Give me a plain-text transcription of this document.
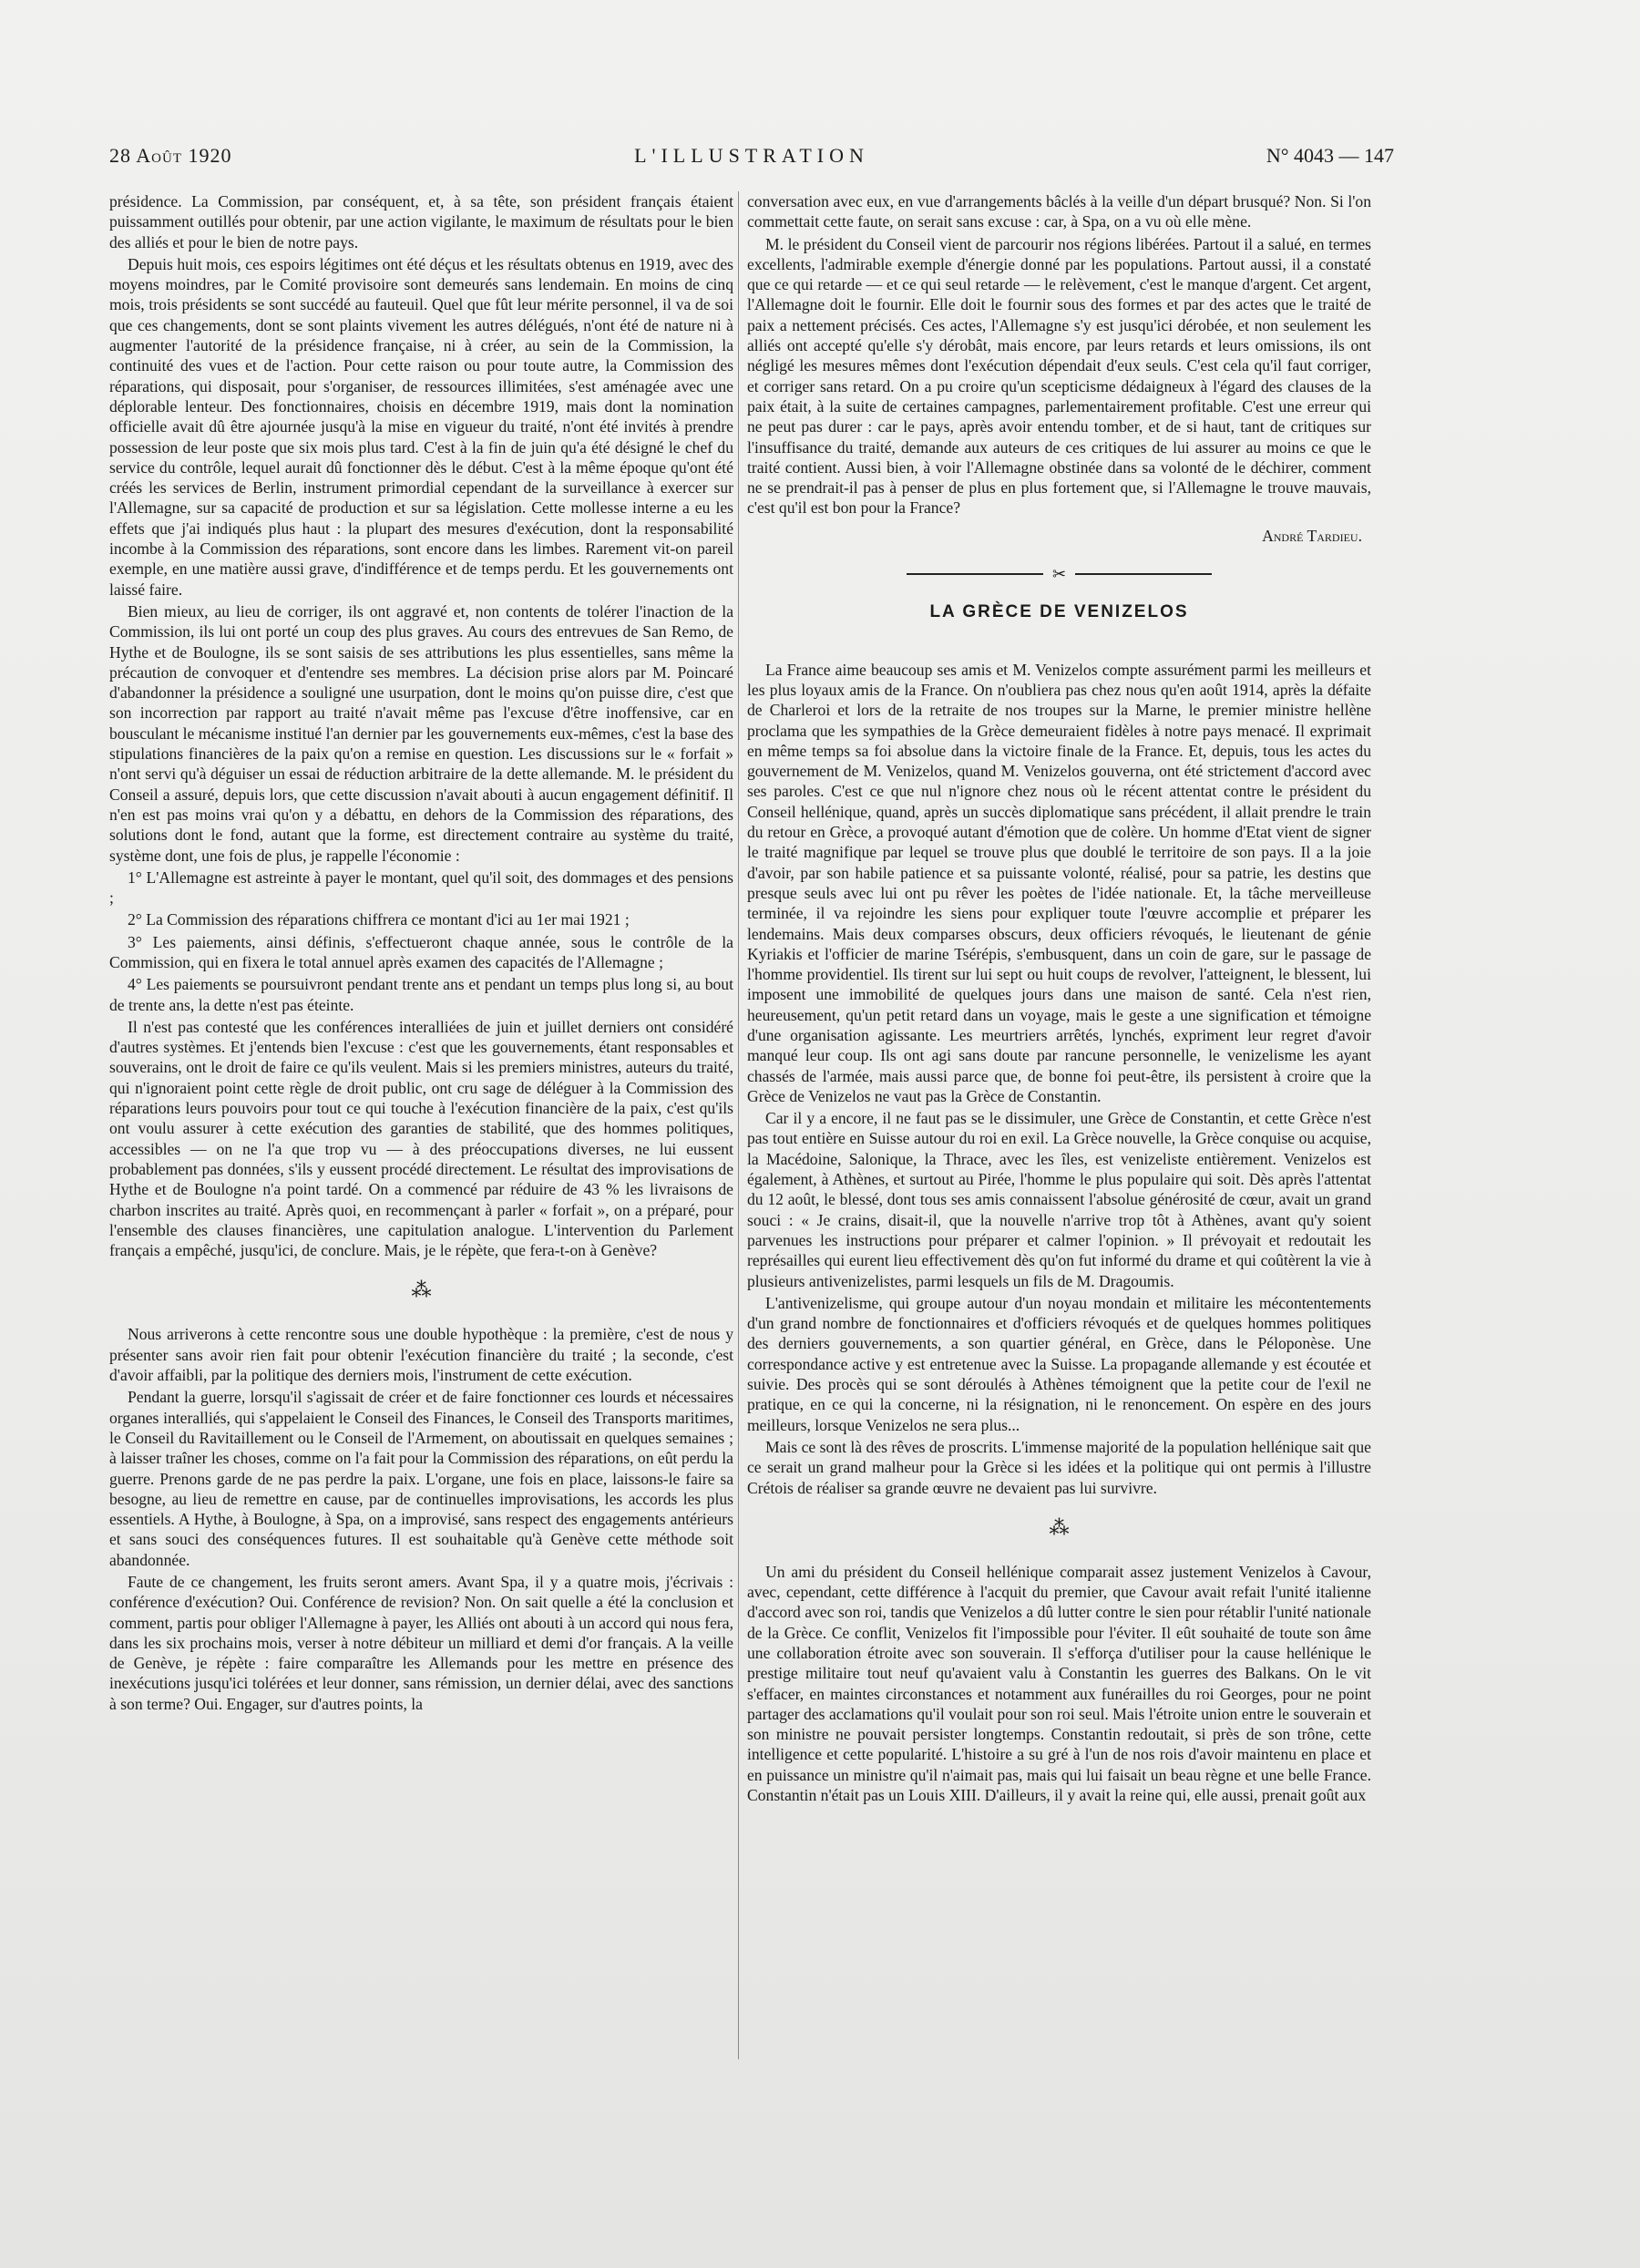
28 Août 1920	L'ILLUSTRATION	N° 4043 — 147

présidence. La Commission, par conséquent, et, à sa tête, son président français étaient puissamment outillés pour obtenir, par une action vigilante, le maximum de résultats pour le bien des alliés et pour le bien de notre pays.

Depuis huit mois, ces espoirs légitimes ont été déçus et les résultats obtenus en 1919, avec des moyens moindres, par le Comité provisoire sont demeurés sans lendemain. En moins de cinq mois, trois présidents se sont succédé au fauteuil. Quel que fût leur mérite personnel, il va de soi que ces changements, dont se sont plaints vivement les autres délégués, n'ont été de nature ni à augmenter l'autorité de la présidence française, ni à créer, au sein de la Commission, la continuité des vues et de l'action. Pour cette raison ou pour toute autre, la Commission des réparations, qui disposait, pour s'organiser, de ressources illimitées, s'est aménagée avec une déplorable lenteur. Des fonctionnaires, choisis en décembre 1919, mais dont la nomination officielle avait dû être ajournée jusqu'à la mise en vigueur du traité, n'ont été invités à prendre possession de leur poste que six mois plus tard. C'est à la fin de juin qu'a été désigné le chef du service du contrôle, lequel aurait dû fonctionner dès le début. C'est à la même époque qu'ont été créés les services de Berlin, instrument primordial cependant de la surveillance à exercer sur l'Allemagne, sur sa capacité de production et sur sa législation. Cette mollesse interne a eu les effets que j'ai indiqués plus haut : la plupart des mesures d'exécution, dont la responsabilité incombe à la Commission des réparations, sont encore dans les limbes. Rarement vit-on pareil exemple, en une matière aussi grave, d'indifférence et de temps perdu. Et les gouvernements ont laissé faire.

Bien mieux, au lieu de corriger, ils ont aggravé et, non contents de tolérer l'inaction de la Commission, ils lui ont porté un coup des plus graves. Au cours des entrevues de San Remo, de Hythe et de Boulogne, ils se sont saisis de ses attributions les plus essentielles, sans même la précaution de convoquer et d'entendre ses membres. La décision prise alors par M. Poincaré d'abandonner la présidence a souligné une usurpation, dont le moins qu'on puisse dire, c'est que son incorrection par rapport au traité n'avait même pas l'excuse d'être inoffensive, car en bousculant le mécanisme institué l'an dernier par les gouvernements eux-mêmes, c'est la base des stipulations financières de la paix qu'on a remise en question. Les discussions sur le « forfait » n'ont servi qu'à déguiser un essai de réduction arbitraire de la dette allemande. M. le président du Conseil a assuré, depuis lors, que cette discussion n'avait abouti à aucun engagement définitif. Il n'en est pas moins vrai qu'on y a débattu, en dehors de la Commission des réparations, des solutions dont le fond, autant que la forme, est directement contraire au système du traité, système dont, une fois de plus, je rappelle l'économie :

1° L'Allemagne est astreinte à payer le montant, quel qu'il soit, des dommages et des pensions ;

2° La Commission des réparations chiffrera ce montant d'ici au 1er mai 1921 ;

3° Les paiements, ainsi définis, s'effectueront chaque année, sous le contrôle de la Commission, qui en fixera le total annuel après examen des capacités de l'Allemagne ;

4° Les paiements se poursuivront pendant trente ans et pendant un temps plus long si, au bout de trente ans, la dette n'est pas éteinte.

Il n'est pas contesté que les conférences interalliées de juin et juillet derniers ont considéré d'autres systèmes. Et j'entends bien l'excuse : c'est que les gouvernements, étant responsables et souverains, ont le droit de faire ce qu'ils veulent. Mais si les premiers ministres, auteurs du traité, qui n'ignoraient point cette règle de droit public, ont cru sage de déléguer à la Commission des réparations leurs pouvoirs pour tout ce qui touche à l'exécution financière de la paix, c'est qu'ils ont voulu assurer à cette exécution des garanties de stabilité, que des hommes politiques, accessibles — on ne l'a que trop vu — à des préoccupations diverses, ne lui eussent probablement pas données, s'ils y eussent procédé directement. Le résultat des improvisations de Hythe et de Boulogne n'a point tardé. On a commencé par réduire de 43 % les livraisons de charbon inscrites au traité. Après quoi, en recommençant à parler « forfait », on a préparé, pour l'ensemble des clauses financières, une capitulation analogue. L'intervention du Parlement français a empêché, jusqu'ici, de conclure. Mais, je le répète, que fera-t-on à Genève?

⁂

Nous arriverons à cette rencontre sous une double hypothèque : la première, c'est de nous y présenter sans avoir rien fait pour obtenir l'exécution financière du traité ; la seconde, c'est d'avoir affaibli, par la politique des derniers mois, l'instrument de cette exécution.

Pendant la guerre, lorsqu'il s'agissait de créer et de faire fonctionner ces lourds et nécessaires organes interalliés, qui s'appelaient le Conseil des Finances, le Conseil des Transports maritimes, le Conseil du Ravitaillement ou le Conseil de l'Armement, on aboutissait en quelques semaines ; à laisser traîner les choses, comme on l'a fait pour la Commission des réparations, on eût perdu la guerre. Prenons garde de ne pas perdre la paix. L'organe, une fois en place, laissons-le faire sa besogne, au lieu de remettre en cause, par de continuelles improvisations, les accords les plus essentiels. A Hythe, à Boulogne, à Spa, on a improvisé, sans respect des engagements antérieurs et sans souci des conséquences futures. Il est souhaitable qu'à Genève cette méthode soit abandonnée.

Faute de ce changement, les fruits seront amers. Avant Spa, il y a quatre mois, j'écrivais : conférence d'exécution? Oui. Conférence de revision? Non. On sait quelle a été la conclusion et comment, partis pour obliger l'Allemagne à payer, les Alliés ont abouti à un accord qui nous fera, dans les six prochains mois, verser à notre débiteur un milliard et demi d'or français. A la veille de Genève, je répète : faire comparaître les Allemands pour les mettre en présence des inexécutions jusqu'ici tolérées et leur donner, sans rémission, un dernier délai, avec des sanctions à son terme? Oui. Engager, sur d'autres points, la

conversation avec eux, en vue d'arrangements bâclés à la veille d'un départ brusqué? Non. Si l'on commettait cette faute, on serait sans excuse : car, à Spa, on a vu où elle mène.

M. le président du Conseil vient de parcourir nos régions libérées. Partout il a salué, en termes excellents, l'admirable exemple d'énergie donné par les populations. Partout aussi, il a constaté que ce qui retarde — et ce qui seul retarde — le relèvement, c'est le manque d'argent. Cet argent, l'Allemagne doit le fournir. Elle doit le fournir sous des formes et par des actes que le traité de paix a nettement précisés. Ces actes, l'Allemagne s'y est jusqu'ici dérobée, et non seulement les alliés ont accepté qu'elle s'y dérobât, mais encore, par leurs retards et leurs omissions, ils ont négligé les mesures mêmes dont l'exécution dépendait d'eux seuls. C'est cela qu'il faut corriger, et corriger sans retard. On a pu croire qu'un scepticisme dédaigneux à l'égard des clauses de la paix était, à la suite de certaines campagnes, parlementairement profitable. C'est une erreur qui ne peut pas durer : car le pays, après avoir entendu tomber, et de si haut, tant de critiques sur l'insuffisance du traité, demande aux auteurs de ces critiques de lui assurer au moins ce que le traité contient. Aussi bien, à voir l'Allemagne obstinée dans sa volonté de le déchirer, comment ne se prendrait-il pas à penser de plus en plus fortement que, si l'Allemagne le trouve mauvais, c'est qu'il est bon pour la France?

André Tardieu.
✂
LA GRÈCE DE VENIZELOS

La France aime beaucoup ses amis et M. Venizelos compte assurément parmi les meilleurs et les plus loyaux amis de la France. On n'oubliera pas chez nous qu'en août 1914, après la défaite de Charleroi et lors de la retraite de nos troupes sur la Marne, le premier ministre hellène proclama que les sympathies de la Grèce demeuraient fidèles à notre pays menacé. Il exprimait en même temps sa foi absolue dans la victoire finale de la France. Et, depuis, tous les actes du gouvernement de M. Venizelos, quand M. Venizelos gouverna, ont été strictement d'accord avec ses paroles. C'est ce que nul n'ignore chez nous où le récent attentat contre le président du Conseil hellénique, quand, après un succès diplomatique sans précédent, il allait prendre le train du retour en Grèce, a provoqué autant d'émotion que de colère. Un homme d'Etat vient de signer le traité magnifique par lequel se trouve plus que doublé le territoire de son pays. Il a la joie d'avoir, par son habile patience et sa puissante volonté, réalisé, pour sa patrie, les destins que presque seuls avec lui ont pu rêver les poètes de l'idée nationale. Et, la tâche merveilleuse terminée, il va rejoindre les siens pour expliquer toute l'œuvre accomplie et préparer les lendemains. Mais deux comparses obscurs, deux officiers révoqués, le lieutenant de génie Kyriakis et l'officier de marine Tsérépis, s'embusquent, dans un coin de gare, sur le passage de l'homme providentiel. Ils tirent sur lui sept ou huit coups de revolver, l'atteignent, le blessent, lui imposent une immobilité de quelques jours dans une maison de santé. Cela n'est rien, heureusement, qu'un petit retard dans un voyage, mais le geste a une signification et témoigne d'une organisation agissante. Les meurtriers arrêtés, lynchés, expriment leur regret d'avoir manqué leur coup. Ils ont agi sans doute par rancune personnelle, le venizelisme les ayant chassés de l'armée, mais aussi parce que, de bonne foi peut-être, ils persistent à croire que la Grèce de Venizelos ne vaut pas la Grèce de Constantin.

Car il y a encore, il ne faut pas se le dissimuler, une Grèce de Constantin, et cette Grèce n'est pas tout entière en Suisse autour du roi en exil. La Grèce nouvelle, la Grèce conquise ou acquise, la Macédoine, Salonique, la Thrace, avec les îles, est venizeliste entièrement. Venizelos est également, à Athènes, et surtout au Pirée, l'homme le plus populaire qui soit. Dès après l'attentat du 12 août, le blessé, dont tous ses amis connaissent l'absolue générosité de cœur, avait un grand souci : « Je crains, disait-il, que la nouvelle n'arrive trop tôt à Athènes, avant qu'y soient parvenues les instructions pour préparer et calmer l'opinion. » Il prévoyait et redoutait les représailles qui eurent lieu effectivement dès qu'on fut informé du drame et qui coûtèrent la vie à plusieurs antivenizelistes, parmi lesquels un fils de M. Dragoumis.

L'antivenizelisme, qui groupe autour d'un noyau mondain et militaire les mécontentements d'un grand nombre de fonctionnaires et d'officiers révoqués et de quelques hommes politiques des derniers gouvernements, a son quartier général, en Grèce, dans le Péloponèse. Une correspondance active y est entretenue avec la Suisse. La propagande allemande y est écoutée et suivie. Des procès qui se sont déroulés à Athènes témoignent que la petite cour de l'exil ne pratique, en ce qui la concerne, ni la résignation, ni le renoncement. On espère en des jours meilleurs, lorsque Venizelos ne sera plus...

Mais ce sont là des rêves de proscrits. L'immense majorité de la population hellénique sait que ce serait un grand malheur pour la Grèce si les idées et la politique qui ont permis à l'illustre Crétois de réaliser sa grande œuvre ne devaient pas lui survivre.

⁂

Un ami du président du Conseil hellénique comparait assez justement Venizelos à Cavour, avec, cependant, cette différence à l'acquit du premier, que Cavour avait refait l'unité italienne d'accord avec son roi, tandis que Venizelos a dû lutter contre le sien pour rétablir l'unité nationale de la Grèce. Ce conflit, Venizelos fit l'impossible pour l'éviter. Il eût souhaité de toute son âme une collaboration étroite avec son souverain. Il s'efforça d'utiliser pour la cause hellénique le prestige militaire tout neuf qu'avaient valu à Constantin les guerres des Balkans. On le vit s'effacer, en maintes circonstances et notamment aux funérailles du roi Georges, pour ne point partager des acclamations qu'il voulait pour son roi seul. Mais l'étroite union entre le souverain et son ministre ne pouvait persister longtemps. Constantin redoutait, si près de son trône, cette intelligence et cette popularité. L'histoire a su gré à l'un de nos rois d'avoir maintenu en place et en puissance un ministre qu'il n'aimait pas, mais qui lui faisait un beau règne et une belle France. Constantin n'était pas un Louis XIII. D'ailleurs, il y avait la reine qui, elle aussi, prenait goût aux
